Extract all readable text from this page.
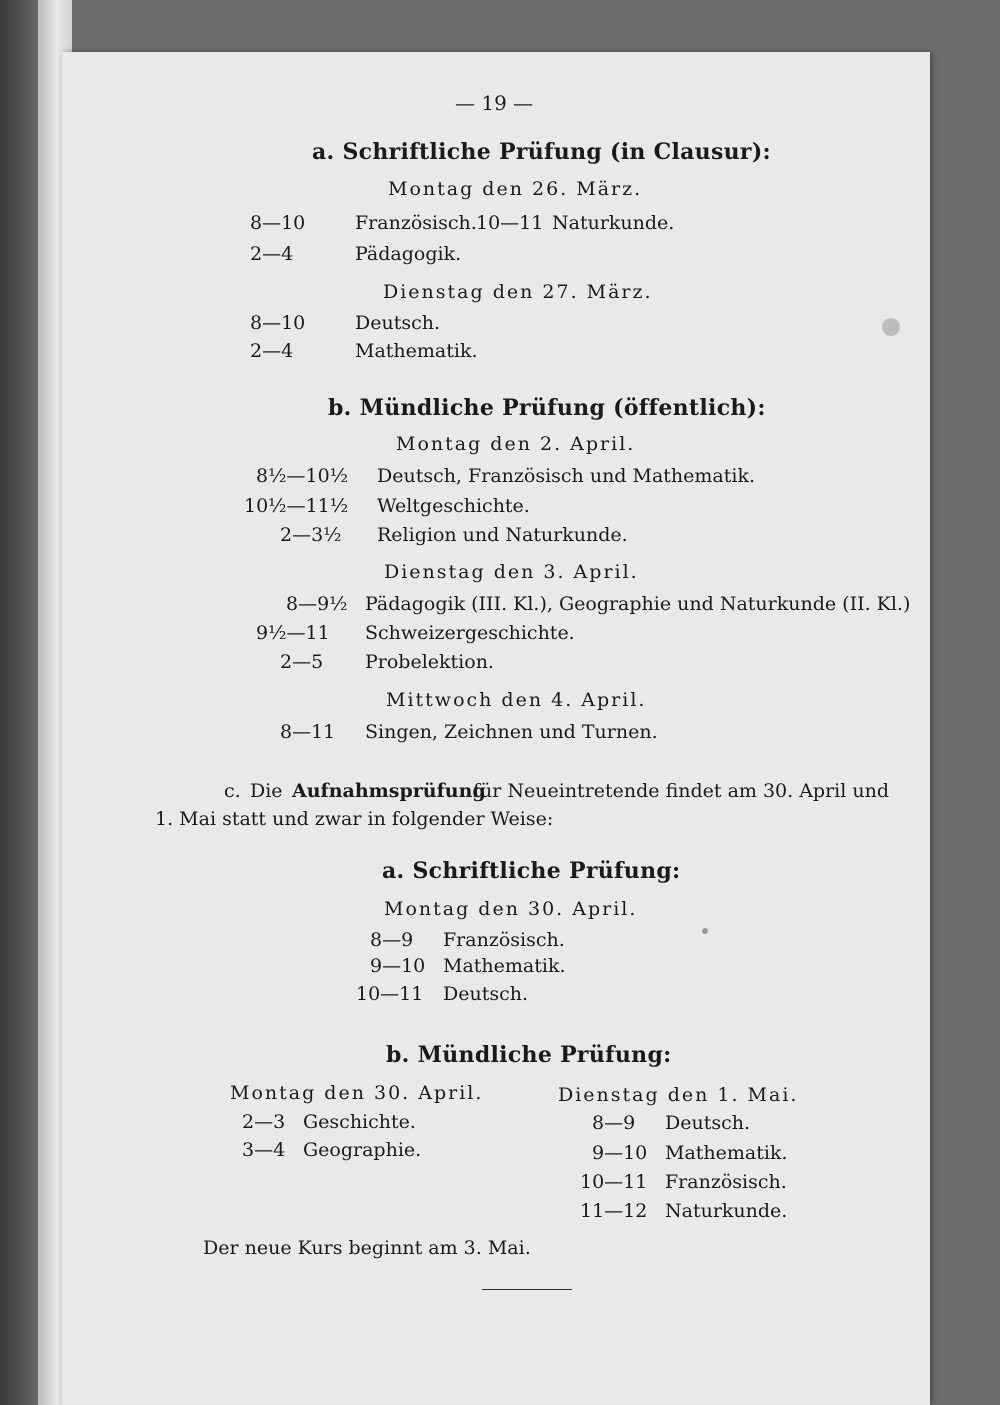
— 19 —
a. Schriftliche Prüfung (in Clausur):
Montag den 26. März.
8—10	Französisch. 10—11 Naturkunde.
2—4	Pädagogik.
Dienstag den 27. März.
8—10	Deutsch.
2—4	Mathematik.
b. Mündliche Prüfung (öffentlich):
Montag den 2. April.
8½—10½ Deutsch, Französisch und Mathematik.
10½—11½ Weltgeschichte.
2—3½ Religion und Naturkunde.
Dienstag den 3. April.
8—9½ Pädagogik (III. Kl.), Geographie und Naturkunde (II. Kl.)
9½—11 Schweizergeschichte.
2—5 Probelektion.
Mittwoch den 4. April.
8—11 Singen, Zeichnen und Turnen.
c. Die Aufnahmsprüfung
für Neueintretende findet am 30. April und
1. Mai statt und zwar in folgender Weise:
a. Schriftliche Prüfung:
Montag den 30. April.
8—9 Französisch.
9—10 Mathematik.
10—11 Deutsch.
b. Mündliche Prüfung:
Montag den 30. April.
2—3 Geschichte.
3—4 Geographie.
Dienstag den 1. Mai.
8—9 Deutsch.
9—10 Mathematik.
10—11 Französisch.
11—12 Naturkunde.
Der neue Kurs beginnt am 3. Mai.
